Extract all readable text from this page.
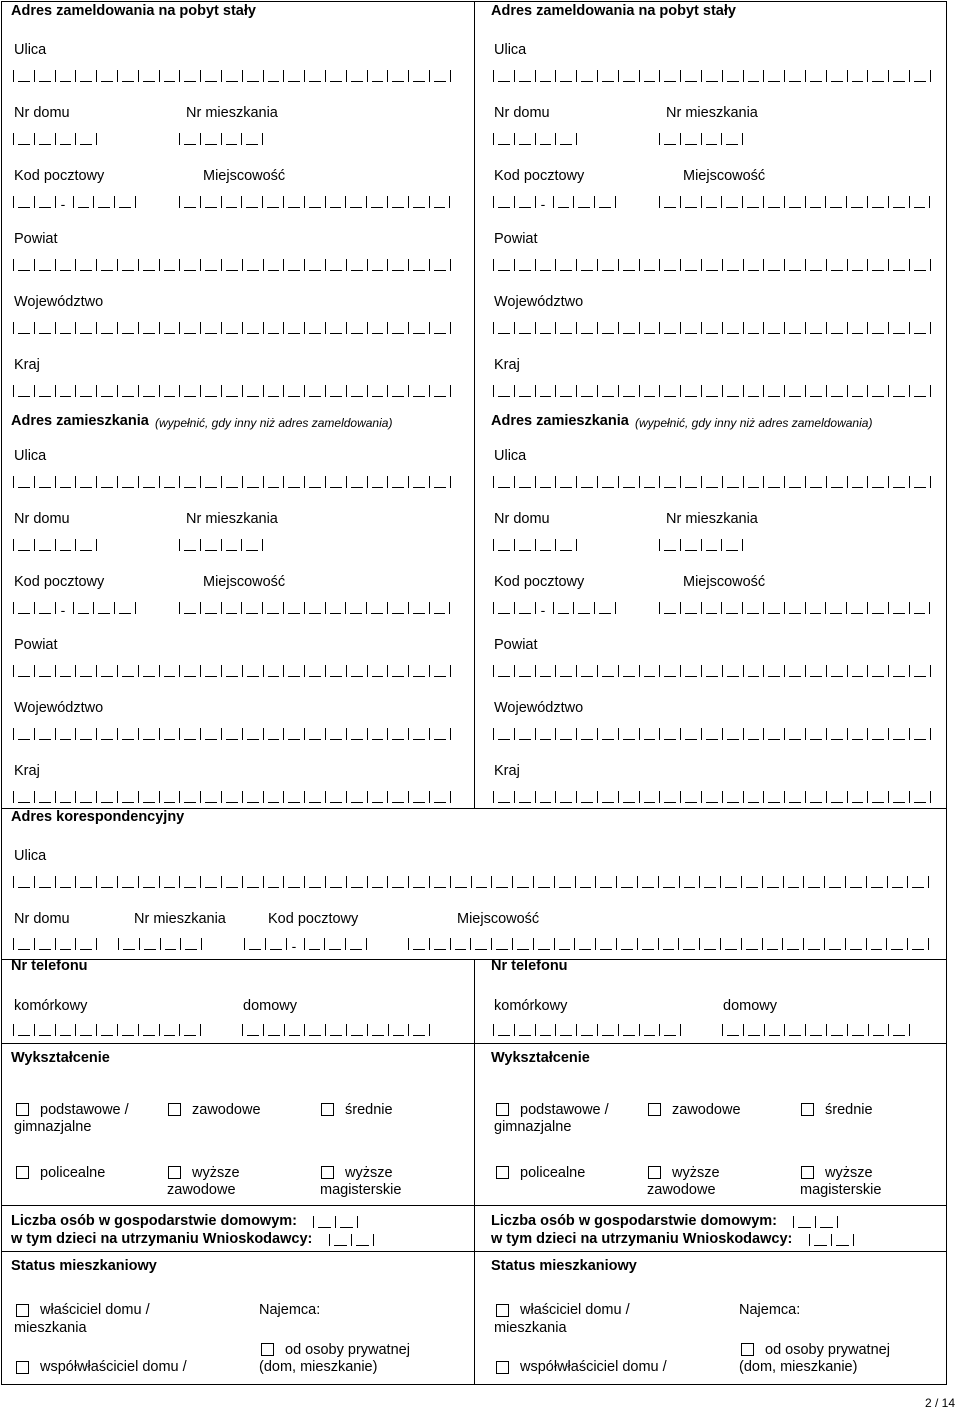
Adres zameldowania na pobyt stały
Ulica
Nr domu	Nr mieszkania
Kod pocztowy	Miejscowość
-
Powiat
Województwo
Kraj
Adres zameldowania na pobyt stały
Ulica
Nr domu	Nr mieszkania
Kod pocztowy	Miejscowość
-
Powiat
Województwo
Kraj
Adres zamieszkania (wypełnić, gdy inny niż adres zameldowania)
Ulica
Nr domu	Nr mieszkania
Kod pocztowy	Miejscowość
-
Powiat
Województwo
Kraj
Adres zamieszkania (wypełnić, gdy inny niż adres zameldowania)
Ulica
Nr domu	Nr mieszkania
Kod pocztowy	Miejscowość
-
Powiat
Województwo
Kraj
Adres korespondencyjny
Ulica
Nr domu	Nr mieszkania	Kod pocztowy	Miejscowość
-
Nr telefonu
komórkowy	domowy
Nr telefonu
komórkowy	domowy
Wykształcenie
podstawowe /
gimnazjalne
zawodowe	średnie
policealne	wyższe
zawodowe
wyższe
magisterskie
Wykształcenie
podstawowe /
gimnazjalne
zawodowe	średnie
policealne	wyższe
zawodowe
wyższe
magisterskie
Liczba osób w gospodarstwie domowym:
w tym dzieci na utrzymaniu Wnioskodawcy:
Liczba osób w gospodarstwie domowym:
w tym dzieci na utrzymaniu Wnioskodawcy:
Status mieszkaniowy
właściciel domu /
mieszkania
współwłaściciel domu /
Najemca:
od osoby prywatnej
(dom, mieszkanie)
Status mieszkaniowy
właściciel domu /
mieszkania
współwłaściciel domu /
Najemca:
od osoby prywatnej
(dom, mieszkanie)
2 / 14
